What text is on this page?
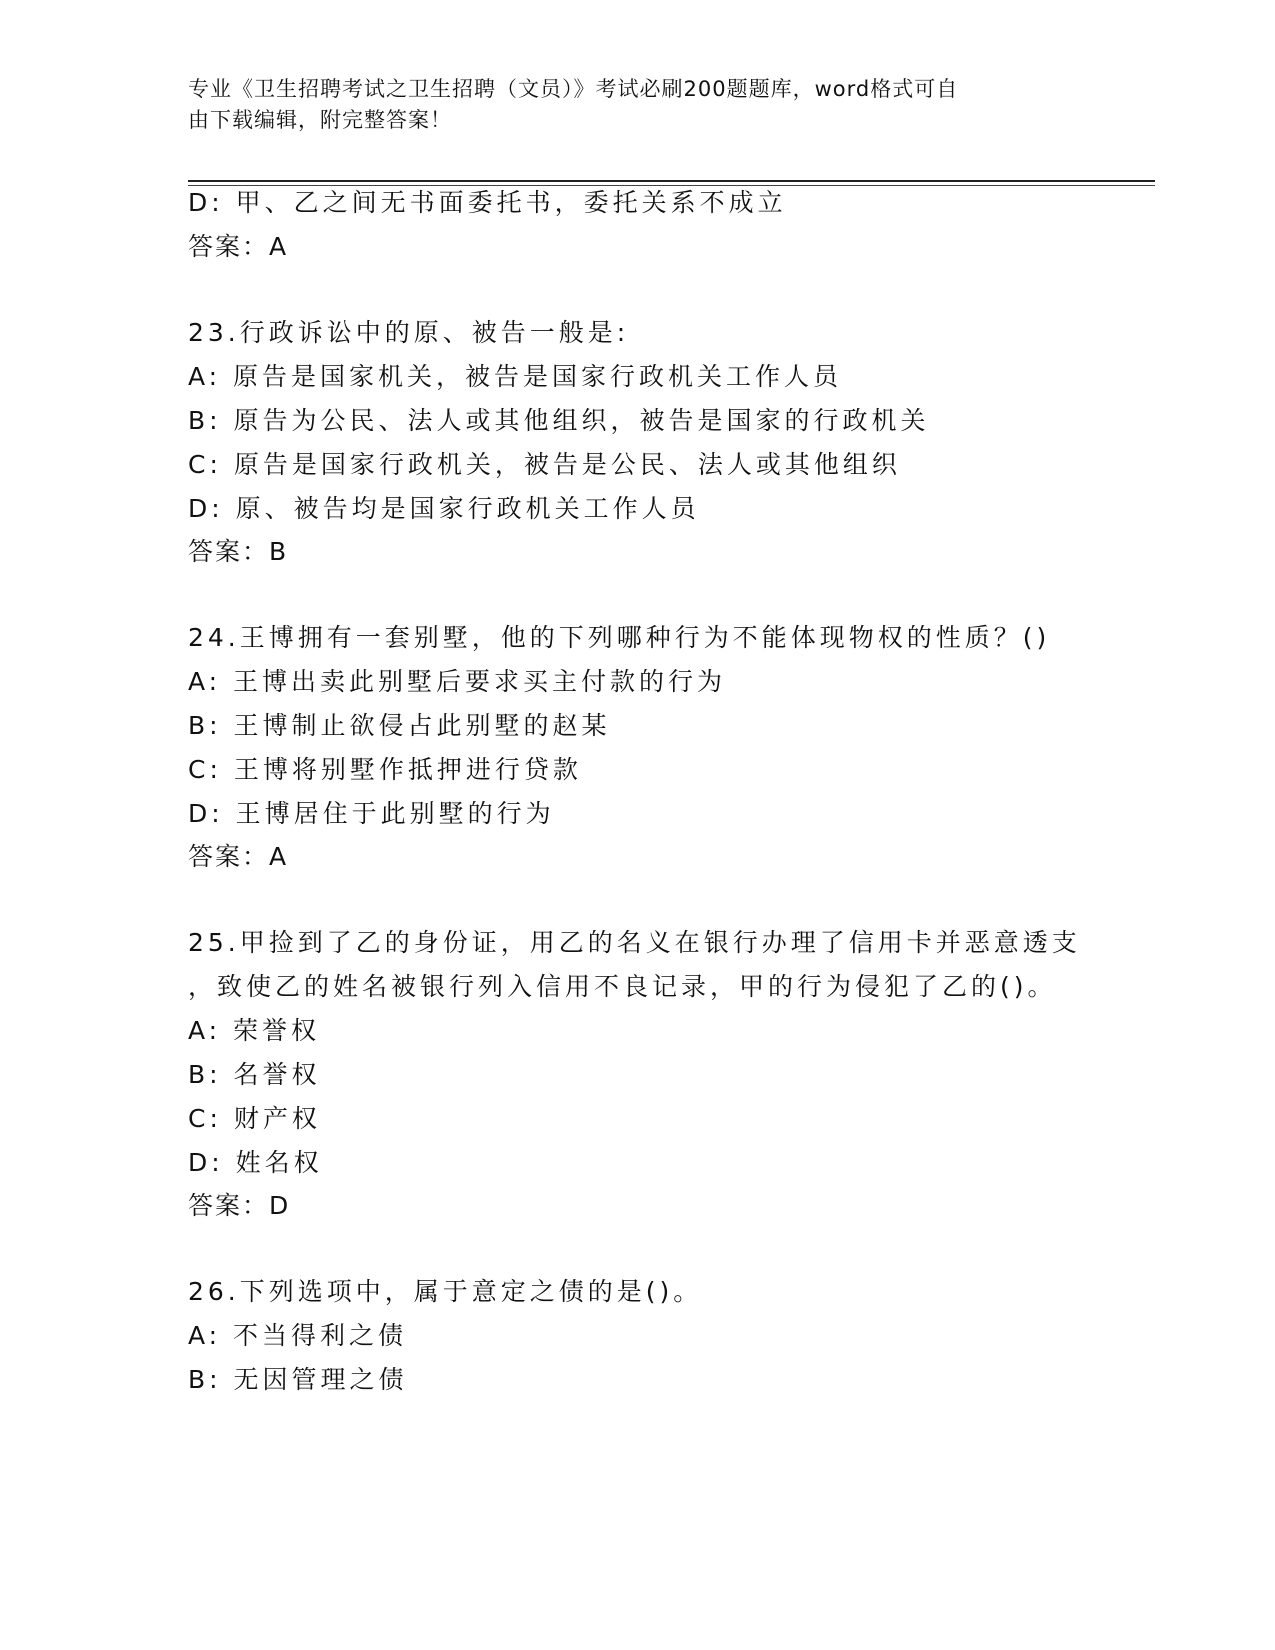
专业《卫生招聘考试之卫生招聘（文员）》考试必刷200题题库，word格式可自
由下载编辑，附完整答案！
D: 甲、乙之间无书面委托书，委托关系不成立
答案：A
23.行政诉讼中的原、被告一般是:
A: 原告是国家机关，被告是国家行政机关工作人员
B: 原告为公民、法人或其他组织，被告是国家的行政机关
C: 原告是国家行政机关，被告是公民、法人或其他组织
D: 原、被告均是国家行政机关工作人员
答案：B
24.王博拥有一套别墅，他的下列哪种行为不能体现物权的性质？()
A: 王博出卖此别墅后要求买主付款的行为
B: 王博制止欲侵占此别墅的赵某
C: 王博将别墅作抵押进行贷款
D: 王博居住于此别墅的行为
答案：A
25.甲捡到了乙的身份证，用乙的名义在银行办理了信用卡并恶意透支
，致使乙的姓名被银行列入信用不良记录，甲的行为侵犯了乙的()。
A: 荣誉权
B: 名誉权
C: 财产权
D: 姓名权
答案：D
26.下列选项中，属于意定之债的是()。
A: 不当得利之债
B: 无因管理之债
